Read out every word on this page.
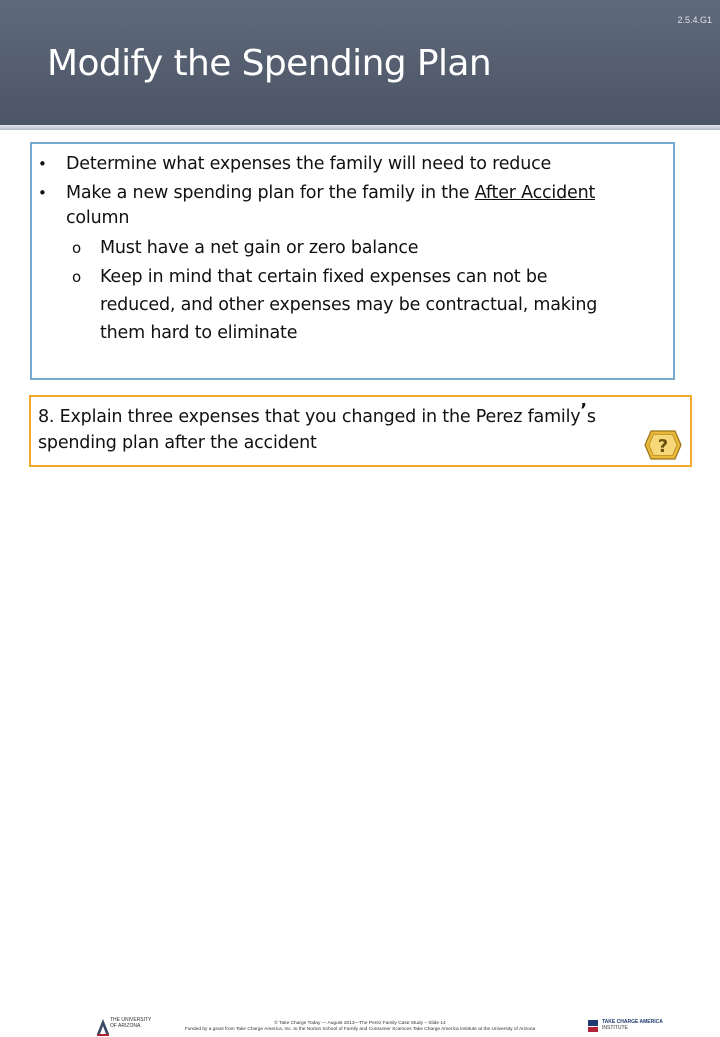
2.5.4.G1
Modify the Spending Plan
• Determine what expenses the family will need to reduce
• Make a new spending plan for the family in the After Accident
column
o Must have a net gain or zero balance
o Keep in mind that certain fixed expenses can not be
reduced, and other expenses may be contractual, making
them hard to eliminate
8. Explain three expenses that you changed in the Perez family’s
spending plan after the accident	?
THE UNIVERSITY
OF ARIZONA.	© Take Charge Today — August 2013—The Perez Family Case Study – Slide 14
Funded by a grant from Take Charge America, Inc. to the Norton School of Family and Consumer Sciences Take Charge America Institute at the University of Arizona
TAKE CHARGE AMERICA
INSTITUTE
